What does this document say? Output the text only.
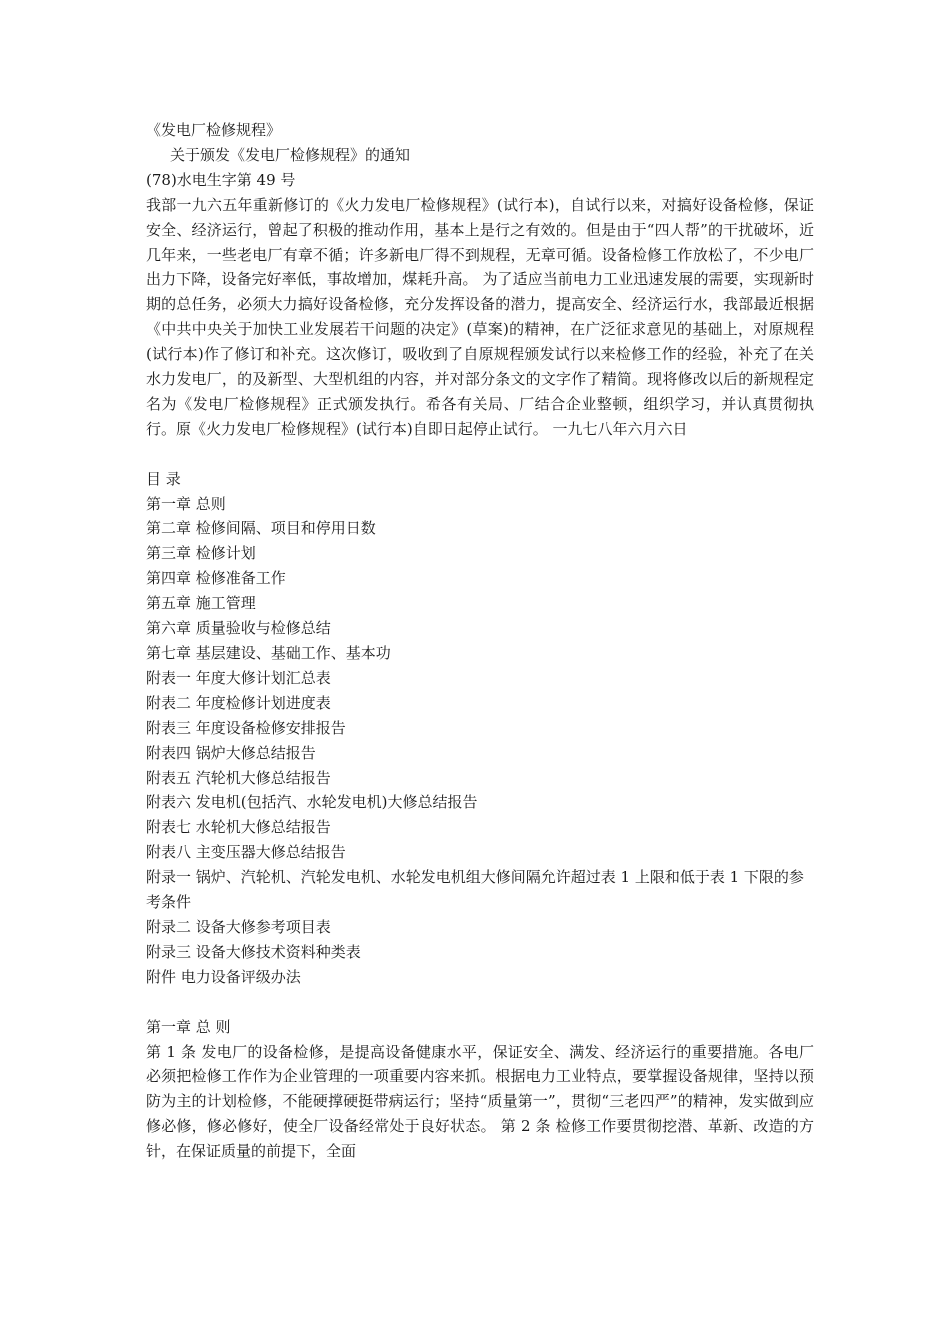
《发电厂检修规程》
关于颁发《发电厂检修规程》的通知
(78)水电生字第 49 号
我部一九六五年重新修订的《火力发电厂检修规程》(试行本)，自试行以来，对搞好设备检修，保证安全、经济运行，曾起了积极的推动作用，基本上是行之有效的。但是由于“四人帮”的干扰破坏，近几年来，一些老电厂有章不循；许多新电厂得不到规程，无章可循。设备检修工作放松了，不少电厂出力下降，设备完好率低，事故增加，煤耗升高。 为了适应当前电力工业迅速发展的需要，实现新时期的总任务，必须大力搞好设备检修，充分发挥设备的潜力，提高安全、经济运行水，我部最近根据《中共中央关于加快工业发展若干问题的决定》(草案)的精神，在广泛征求意见的基础上，对原规程(试行本)作了修订和补充。这次修订，吸收到了自原规程颁发试行以来检修工作的经验，补充了在关水力发电厂，的及新型、大型机组的内容，并对部分条文的文字作了精简。现将修改以后的新规程定名为《发电厂检修规程》正式颁发执行。希各有关局、厂结合企业整顿，组织学习，并认真贯彻执行。原《火力发电厂检修规程》(试行本)自即日起停止试行。 一九七八年六月六日
目 录
第一章 总则
第二章 检修间隔、项目和停用日数
第三章 检修计划
第四章 检修准备工作
第五章 施工管理
第六章 质量验收与检修总结
第七章 基层建设、基础工作、基本功
附表一 年度大修计划汇总表
附表二 年度检修计划进度表
附表三 年度设备检修安排报告
附表四 锅炉大修总结报告
附表五 汽轮机大修总结报告
附表六 发电机(包括汽、水轮发电机)大修总结报告
附表七 水轮机大修总结报告
附表八 主变压器大修总结报告
附录一 锅炉、汽轮机、汽轮发电机、水轮发电机组大修间隔允许超过表 1 上限和低于表 1 下限的参考条件
附录二 设备大修参考项目表
附录三 设备大修技术资料种类表
附件 电力设备评级办法
第一章 总 则
第 1 条 发电厂的设备检修，是提高设备健康水平，保证安全、满发、经济运行的重要措施。各电厂必须把检修工作作为企业管理的一项重要内容来抓。根据电力工业特点，要掌握设备规律，坚持以预防为主的计划检修，不能硬撑硬挺带病运行；坚持“质量第一”，贯彻“三老四严”的精神，发实做到应修必修，修必修好，使全厂设备经常处于良好状态。 第 2 条 检修工作要贯彻挖潜、革新、改造的方针，在保证质量的前提下，全面
